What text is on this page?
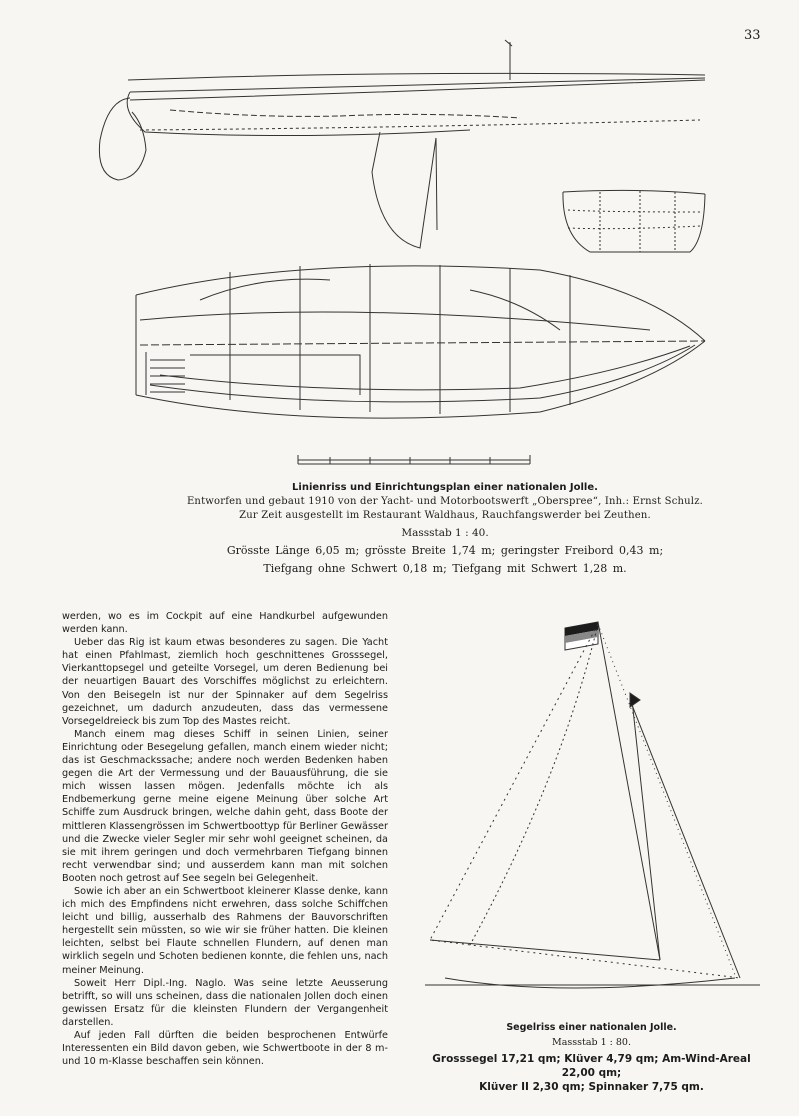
33

Linienriss und Einrichtungsplan einer nationalen Jolle.

Entworfen und gebaut 1910 von der Yacht- und Motorbootswerft „Oberspree“, Inh.: Ernst Schulz.

Zur Zeit ausgestellt im Restaurant Waldhaus, Rauchfangswerder bei Zeuthen.

Massstab 1 : 40.

Grösste Länge 6,05 m; grösste Breite 1,74 m; geringster Freibord 0,43 m;

Tiefgang ohne Schwert 0,18 m; Tiefgang mit Schwert 1,28 m.

werden, wo es im Cockpit auf eine Handkurbel aufgewunden werden kann.

Ueber das Rig ist kaum etwas besonderes zu sagen. Die Yacht hat einen Pfahlmast, ziemlich hoch geschnittenes Grosssegel, Vierkanttopsegel und geteilte Vorsegel, um deren Bedienung bei der neuartigen Bauart des Vorschiffes möglichst zu erleichtern. Von den Beisegeln ist nur der Spinnaker auf dem Segelriss gezeichnet, um dadurch anzudeuten, dass das vermessene Vorsegeldreieck bis zum Top des Mastes reicht.

Manch einem mag dieses Schiff in seinen Linien, seiner Einrichtung oder Besegelung gefallen, manch einem wieder nicht; das ist Geschmackssache; andere noch werden Bedenken haben gegen die Art der Vermessung und der Bauausführung, die sie mich wissen lassen mögen. Jedenfalls möchte ich als Endbemerkung gerne meine eigene Meinung über solche Art Schiffe zum Ausdruck bringen, welche dahin geht, dass Boote der mittleren Klassengrössen im Schwertboottyp für Berliner Gewässer und die Zwecke vieler Segler mir sehr wohl geeignet scheinen, da sie mit ihrem geringen und doch vermehrbaren Tiefgang binnen recht verwendbar sind; und ausserdem kann man mit solchen Booten noch getrost auf See segeln bei Gelegenheit.

Sowie ich aber an ein Schwertboot kleinerer Klasse denke, kann ich mich des Empfindens nicht erwehren, dass solche Schiffchen leicht und billig, ausserhalb des Rahmens der Bauvorschriften hergestellt sein müssten, so wie wir sie früher hatten. Die kleinen leichten, selbst bei Flaute schnellen Flundern, auf denen man wirklich segeln und Schoten bedienen konnte, die fehlen uns, nach meiner Meinung.

Soweit Herr Dipl.-Ing. Naglo. Was seine letzte Aeusserung betrifft, so will uns scheinen, dass die nationalen Jollen doch einen gewissen Ersatz für die kleinsten Flundern der Vergangenheit darstellen.

Auf jeden Fall dürften die beiden besprochenen Entwürfe Interessenten ein Bild davon geben, wie Schwertboote in der 8 m- und 10 m-Klasse beschaffen sein können.

Segelriss einer nationalen Jolle.

Massstab 1 : 80.

Grosssegel 17,21 qm; Klüver 4,79 qm; Am-Wind-Areal 22,00 qm;
Klüver II 2,30 qm; Spinnaker 7,75 qm.
